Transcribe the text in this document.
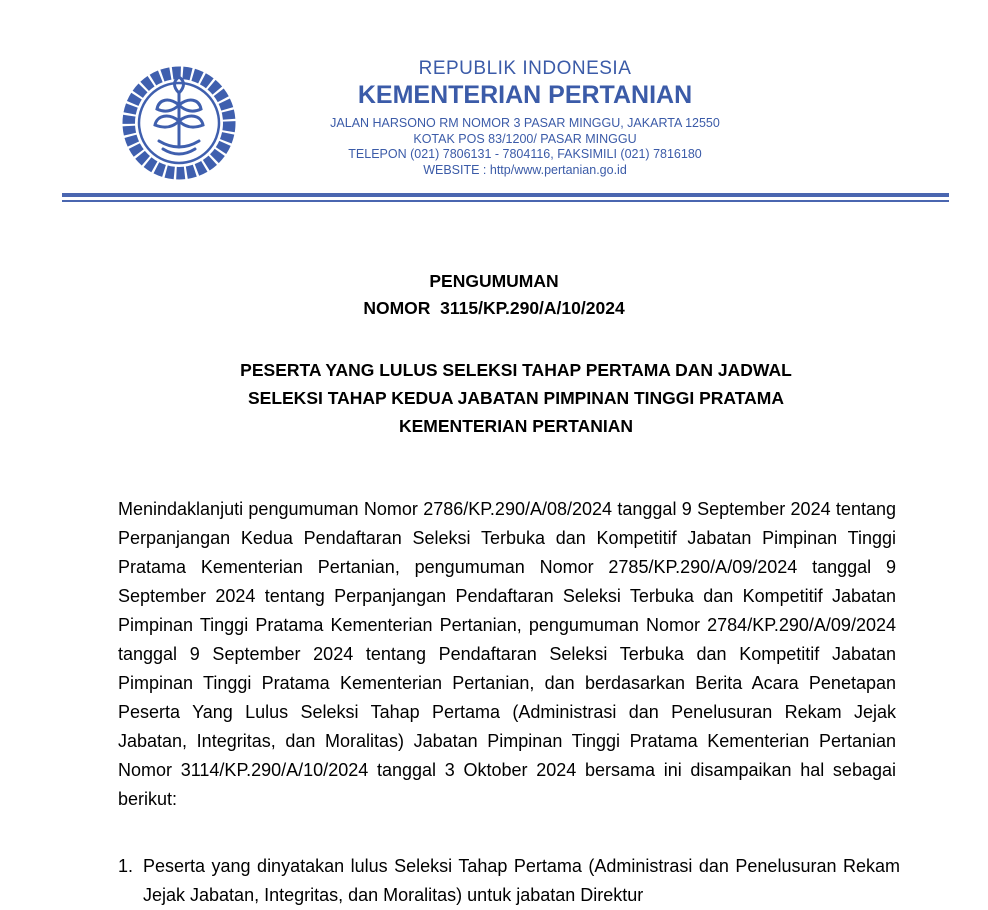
REPUBLIK INDONESIA
KEMENTERIAN PERTANIAN
JALAN HARSONO RM NOMOR 3 PASAR MINGGU, JAKARTA 12550
KOTAK POS 83/1200/ PASAR MINGGU
TELEPON (021) 7806131 - 7804116, FAKSIMILI (021) 7816180
WEBSITE : http/www.pertanian.go.id
PENGUMUMAN
NOMOR  3115/KP.290/A/10/2024
PESERTA YANG LULUS SELEKSI TAHAP PERTAMA DAN JADWAL
SELEKSI TAHAP KEDUA JABATAN PIMPINAN TINGGI PRATAMA
KEMENTERIAN PERTANIAN
Menindaklanjuti pengumuman Nomor 2786/KP.290/A/08/2024 tanggal 9 September 2024 tentang Perpanjangan Kedua Pendaftaran Seleksi Terbuka dan Kompetitif Jabatan Pimpinan Tinggi Pratama Kementerian Pertanian, pengumuman Nomor 2785/KP.290/A/09/2024 tanggal 9 September 2024 tentang Perpanjangan Pendaftaran Seleksi Terbuka dan Kompetitif Jabatan Pimpinan Tinggi Pratama Kementerian Pertanian, pengumuman Nomor 2784/KP.290/A/09/2024 tanggal 9 September 2024 tentang Pendaftaran Seleksi Terbuka dan Kompetitif Jabatan Pimpinan Tinggi Pratama Kementerian Pertanian, dan berdasarkan Berita Acara Penetapan Peserta Yang Lulus Seleksi Tahap Pertama (Administrasi dan Penelusuran Rekam Jejak Jabatan, Integritas, dan Moralitas) Jabatan Pimpinan Tinggi Pratama Kementerian Pertanian Nomor 3114/KP.290/A/10/2024 tanggal 3 Oktober 2024 bersama ini disampaikan hal sebagai berikut:
1. Peserta yang dinyatakan lulus Seleksi Tahap Pertama (Administrasi dan Penelusuran Rekam Jejak Jabatan, Integritas, dan Moralitas) untuk jabatan Direktur
